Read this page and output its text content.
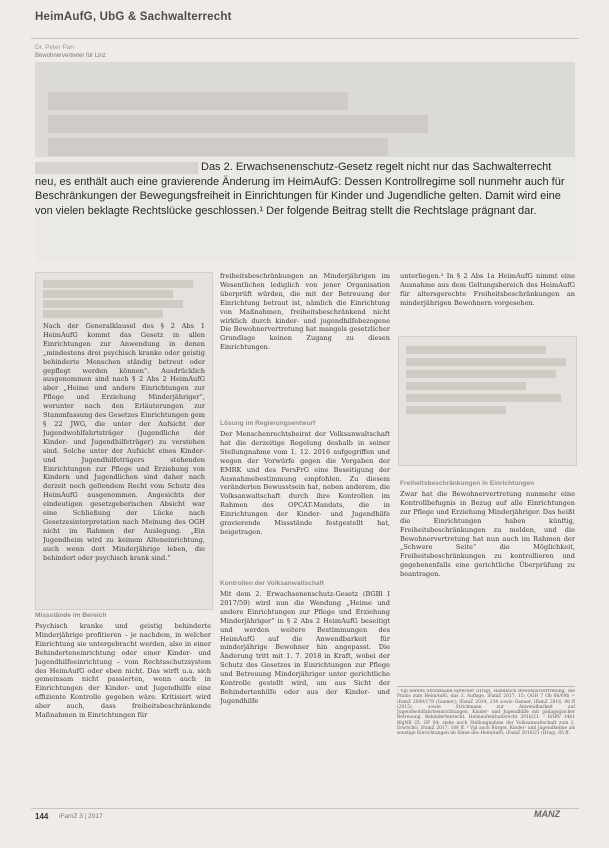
HeimAufG, UbG & Sachwalterrecht
Dr. Peter Pan
Bewohnervertreter für Linz
Das 2. Erwachsenenschutz-Gesetz regelt nicht nur das Sachwalterrecht neu, es enthält auch eine gravierende Änderung im HeimAufG: Dessen Kontrollregime soll nunmehr auch für Beschränkungen der Bewegungsfreiheit in Einrichtungen für Kinder und Jugendliche gelten. Damit wird eine von vielen beklagte Rechtslücke geschlossen.¹ Der folgende Beitrag stellt die Rechtslage prägnant dar.
Nach der Generalklausel des § 2 Abs 1 HeimAufG kommt das Gesetz in allen Einrichtungen zur Anwendung in denen „mindestens drei psychisch kranke oder geistig behinderte Menschen ständig betreut oder gepflegt werden können“. Ausdrücklich ausgenommen sind nach § 2 Abs 2 HeimAufG aber „Heime und andere Einrichtungen zur Pflege und Erziehung Minderjähriger“, worunter nach den Erläuterungen zur Stammfassung des Gesetzes Einrichtungen gem § 22 JWG, die unter der Aufsicht der Jugendwohlfahrtsträger (Jugendliche der Kinder- und Jugendhilfeträger) zu verstehen sind. Solche unter der Aufsicht eines Kinder- und Jugendhilfeträgers stehenden Einrichtungen zur Pflege und Erziehung von Kindern und Jugendlichen sind daher nach derzeit noch geltendem Recht vom Schutz des HeimAufG ausgenommen. Angesichts der eindeutigen gesetzgeberischen Absicht war eine Schließung der Lücke nach Gesetzesinterpretation nach Meinung des OGH nicht im Rahmen der Auslegung. „Ein Jugendheim wird zu keinem Alteneinrichtung, auch wenn dort Minderjährige leben, die behindert oder psychisch krank sind.“
Missstände im Bereich
Psychisch kranke und geistig behinderte Minderjährige profitieren – je nachdem, in welcher Einrichtung sie untergebracht werden, also in einer Behinderteneinrichtung oder einer Kinder- und Jugendhilfeeinrichtung – vom Rechtsschutzsystem des HeimAufG oder eben nicht. Das wirft u.a. sich gemeinsam nicht passierten, wenn auch in Einrichtungen der Kinder- und Jugendhilfe eine effiziente Kontrolle gegeben wäre. Kritisiert wird aber auch, dass freiheitsbeschränkende Maßnahmen in Einrichtungen für
freiheitsbeschränkungen an Minderjährigen im Wesentlichen lediglich von jener Organisation überprüft würden, die mit der Betreuung der Einrichtung betraut ist, nämlich die Einrichtung von Maßnahmen, freiheitsbeschränkend nicht wirklich durch kinder- und jugendhilfebezogene Die Bewohnervertretung hat mangels gesetzlicher Grundlage keinen Zugang zu diesen Einrichtungen.
Lösung im Regierungsentwurf
Der Menschenrechtsbeirat der Volksanwaltschaft hat die derzeitige Regelung deshalb in seiner Stellungnahme vom 1. 12. 2016 aufgegriffen und wegen der Vorwürfe gegen die Vorgaben der EMRK und des PersFrG eine Beseitigung der Ausnahmebestimmung empfohlen. Zu diesem veränderten Bewusstsein hat, neben anderem, die Volksanwaltschaft durch ihre Kontrollen im Rahmen des OPCAT-Mandats, die in Einrichtungen der Kinder- und Jugendhilfe gravierende Missstände festgestellt hat, beigetragen.
Kontrollen der Volksanwaltschaft
Mit dem 2. Erwachsenenschutz-Gesetz (BGBl I 2017/59) wird nun die Wendung „Heime und andere Einrichtungen zur Pflege und Erziehung Minderjähriger“ in § 2 Abs 2 HeimAufG beseitigt und werden weitere Bestimmungen des HeimAufG auf die Anwendbarkeit für minderjährige Bewohner hin angepasst. Die Änderung tritt mit 1. 7. 2018 in Kraft, wobei der Schutz des Gesetzes in Einrichtungen zur Pflege und Betreuung Minderjähriger unter gerichtliche Kontrolle gestellt wird, um aus Sicht der Behindertenhilfe oder aus der Kinder- und Jugendhilfe
unterliegen.² In § 2 Abs 1a HeimAufG nimmt eine Ausnahme aus dem Geltungsbereich des HeimAufG für altersgerechte Freiheitsbeschränkungen an minderjährigen Bewohnern vorgesehen.
Freiheitsbeschränkungen in Einrichtungen
Zwar hat die Bewohnervertretung nunmehr eine Kontrollbefugnis in Bezug auf alle Einrichtungen zur Pflege und Erziehung Minderjähriger. Das heißt die Einrichtungen haben künftig, Freiheitsbeschränkungen zu melden, und die Bewohnervertretung hat nun auch im Rahmen der „Schwere Seite“ die Möglichkeit, Freiheitsbeschränkungen zu kontrollieren und gegebenenfalls eine gerichtliche Überprüfung zu beantragen.
¹ Vgl bereits Strickmann-Sprecher (Hrsg), Handbuch Bewohnervertretung. Die Praxis zum HeimAufG, das 3. Auflage, iFamZ 2017, 15; OGH 7 Ob 66/09b = iFamZ 2009/179 (Ganner); iFamZ 2014, 234 sowie Ganner, iFamZ 2016, 98 ff (2015); sowie Strickmann zur Anwendbarkeit auf Jugendwohlfahrtseinrichtungen, Kinder- und Jugendhilfe mit pädagogischer Betreuung. Behindertenrecht. Heimaufenthaltsrecht 2016/21. ² ErlRV 1461 BlgNR 25. GP 64; siehe auch Stellungnahme der Volksanwaltschaft zum 2. ErwSchG, iFamZ 2017, 106 ff. ³ Vgl auch Bürger, Kinder- und Jugendheime als sonstige Einrichtungen im Sinne des HeimAufG, iFamZ 2016/21 (Hrsg), 85 ff.
144 iFamZ 3 | 2017	MANZ
